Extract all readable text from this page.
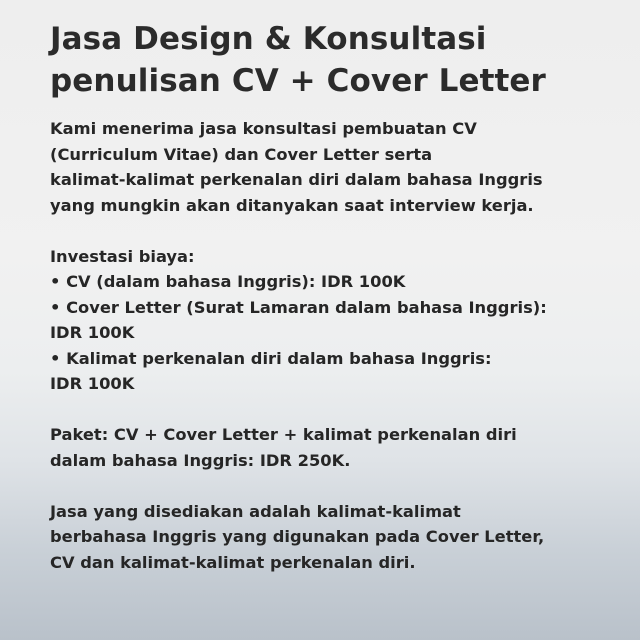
Jasa Design & Konsultasi
penulisan CV + Cover Letter
Kami menerima jasa konsultasi pembuatan CV
(Curriculum Vitae) dan Cover Letter serta
kalimat-kalimat perkenalan diri dalam bahasa Inggris
yang mungkin akan ditanyakan saat interview kerja.
Investasi biaya:
• CV (dalam bahasa Inggris): IDR 100K
• Cover Letter (Surat Lamaran dalam bahasa Inggris):
IDR 100K
• Kalimat perkenalan diri dalam bahasa Inggris:
IDR 100K
Paket: CV + Cover Letter + kalimat perkenalan diri
dalam bahasa Inggris: IDR 250K.
Jasa yang disediakan adalah kalimat-kalimat
berbahasa Inggris yang digunakan pada Cover Letter,
CV dan kalimat-kalimat perkenalan diri.
